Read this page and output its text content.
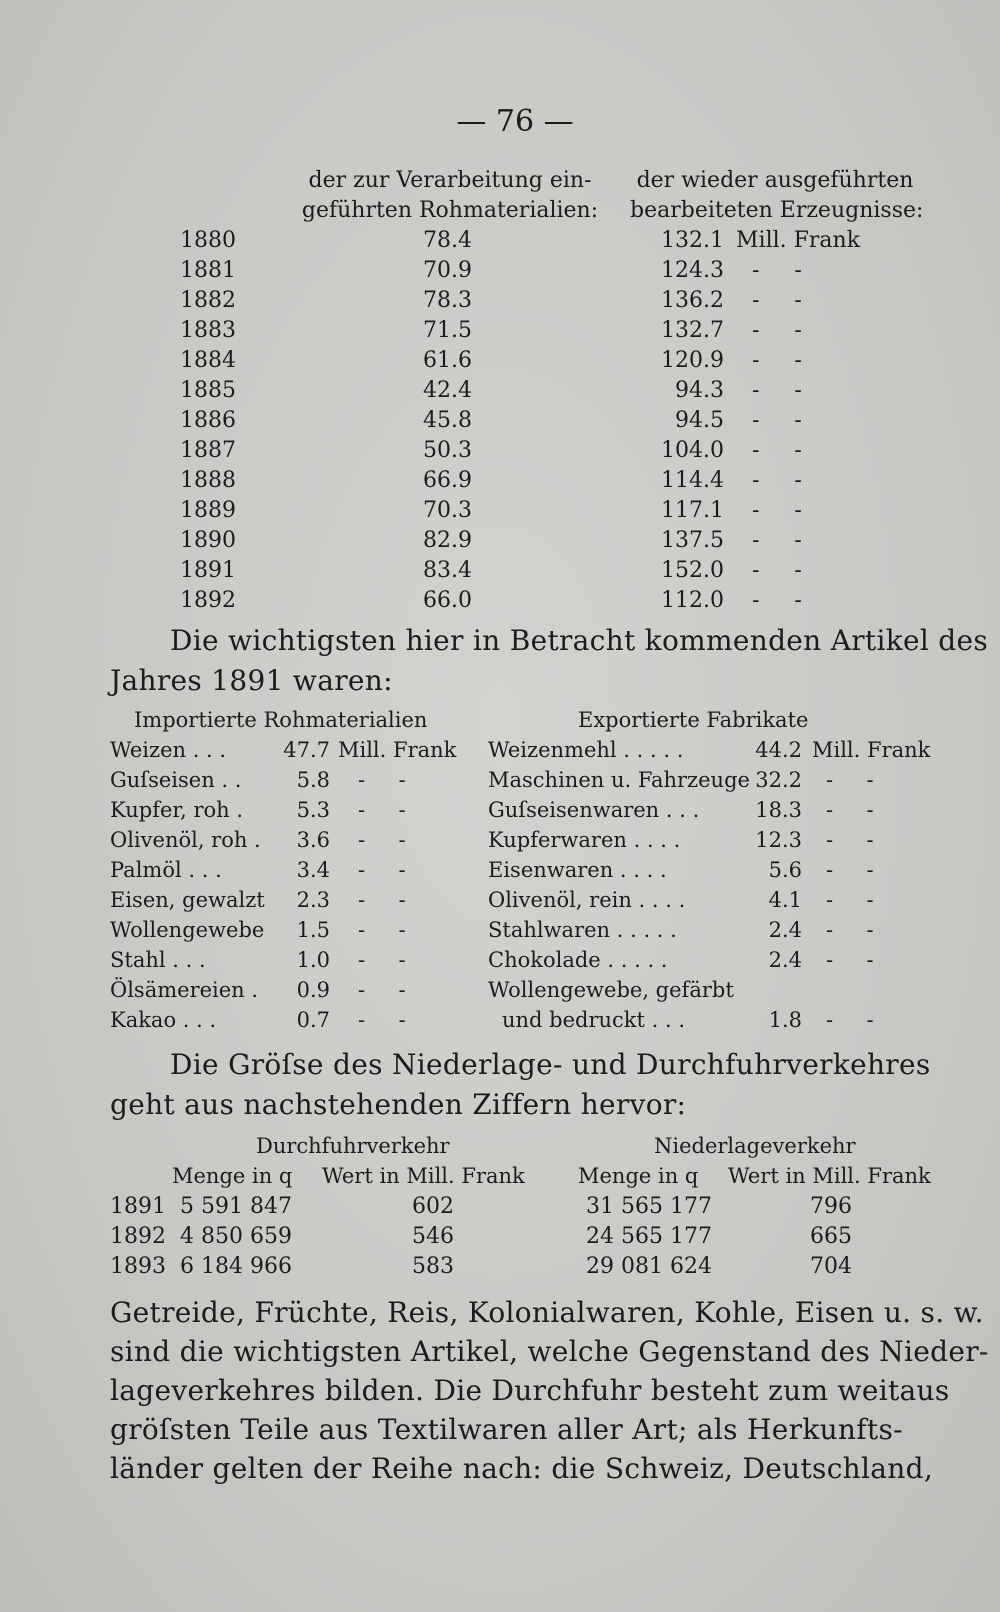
— 76 —
der zur Verarbeitung ein-
geführten Rohmaterialien:
der wieder ausgeführten
bearbeiteten Erzeugnisse:
1880	78.4	132.1 Mill. Frank
1881	70.9	124.3 -     -
1882	78.3	136.2 -     -
1883	71.5	132.7 -     -
1884	61.6	120.9 -     -
1885	42.4	94.3 -     -
1886	45.8	94.5 -     -
1887	50.3	104.0 -     -
1888	66.9	114.4 -     -
1889	70.3	117.1 -     -
1890	82.9	137.5 -     -
1891	83.4	152.0 -     -
1892	66.0	112.0 -     -
Die wichtigsten hier in Betracht kommenden Artikel des
Jahres 1891 waren:
Importierte Rohmaterialien	Exportierte Fabrikate
Weizen . . .	47.7 Mill. Frank Weizenmehl . . . . .	44.2 Mill. Frank
Guſseisen . .	5.8 -     -	Maschinen u. Fahrzeuge 32.2 -     -
Kupfer, roh .	5.3 -     -	Guſseisenwaren . . .	18.3 -     -
Olivenöl, roh .	3.6 -     -	Kupferwaren . . . .	12.3 -     -
Palmöl . . .	3.4 -     -	Eisenwaren . . . .	5.6 -     -
Eisen, gewalzt	2.3 -     -	Olivenöl, rein . . . .	4.1 -     -
Wollengewebe	1.5 -     -	Stahlwaren . . . . .	2.4 -     -
Stahl . . .	1.0 -     -	Chokolade . . . . .	2.4 -     -
Ölsämereien .	0.9 -     -	Wollengewebe, gefärbt
Kakao . . .	0.7 -     -	und bedruckt . . .	1.8 -     -
Die Gröſse des Niederlage- und Durchfuhrverkehres
geht aus nachstehenden Ziffern hervor:
Durchfuhrverkehr	Niederlageverkehr
Menge in q Wert in Mill. Frank	Menge in q Wert in Mill. Frank
1891 5 591 847	602	31 565 177	796
1892 4 850 659	546	24 565 177	665
1893 6 184 966	583	29 081 624	704
Getreide, Früchte, Reis, Kolonialwaren, Kohle, Eisen u. s. w.
sind die wichtigsten Artikel, welche Gegenstand des Nieder-
lageverkehres bilden. Die Durchfuhr besteht zum weitaus
gröſsten Teile aus Textilwaren aller Art; als Herkunfts-
länder gelten der Reihe nach: die Schweiz, Deutschland,
